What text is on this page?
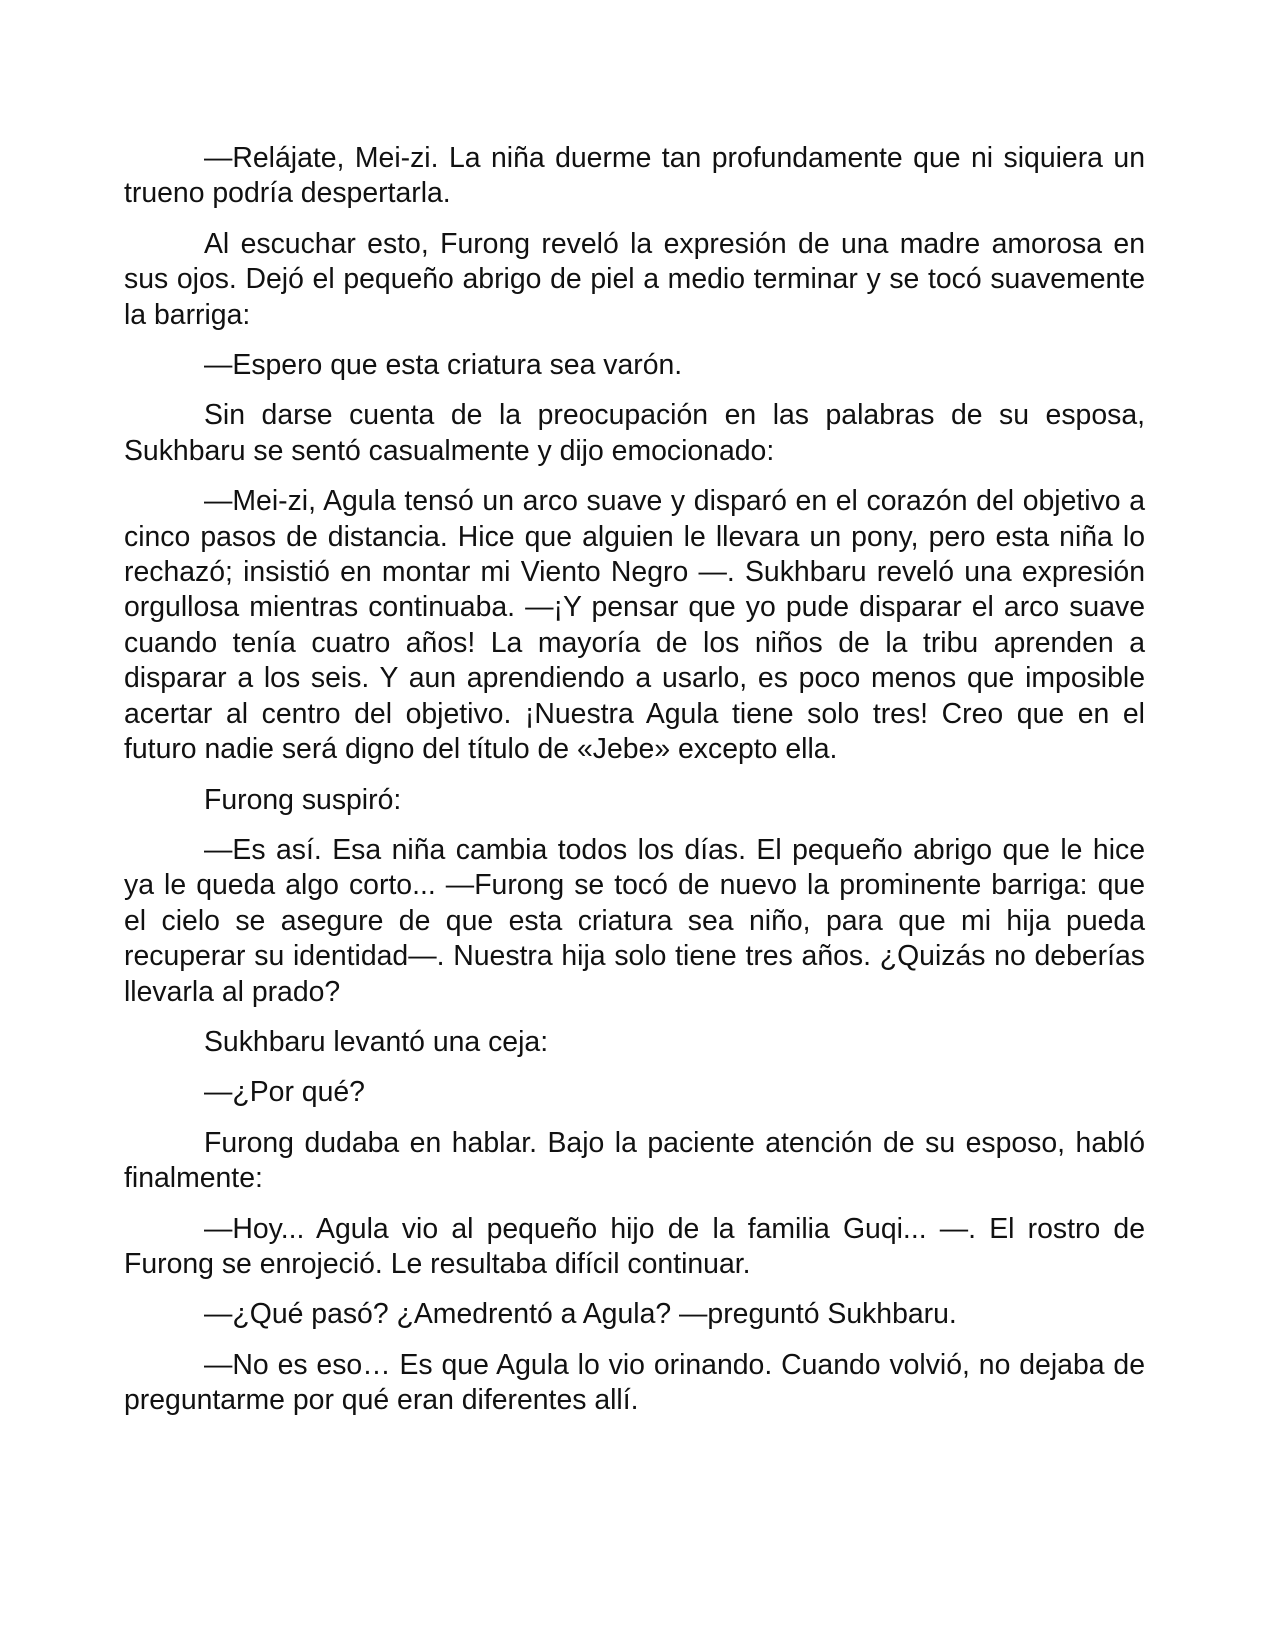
—Relájate, Mei-zi. La niña duerme tan profundamente que ni siquiera un trueno podría despertarla.

Al escuchar esto, Furong reveló la expresión de una madre amorosa en sus ojos. Dejó el pequeño abrigo de piel a medio terminar y se tocó suavemente la barriga:

—Espero que esta criatura sea varón.

Sin darse cuenta de la preocupación en las palabras de su esposa, Sukhbaru se sentó casualmente y dijo emocionado:

—Mei-zi, Agula tensó un arco suave y disparó en el corazón del objetivo a cinco pasos de distancia. Hice que alguien le llevara un pony, pero esta niña lo rechazó; insistió en montar mi Viento Negro —. Sukhbaru reveló una expresión orgullosa mientras continuaba. —¡Y pensar que yo pude disparar el arco suave cuando tenía cuatro años! La mayoría de los niños de la tribu aprenden a disparar a los seis. Y aun aprendiendo a usarlo, es poco menos que imposible acertar al centro del objetivo. ¡Nuestra Agula tiene solo tres! Creo que en el futuro nadie será digno del título de «Jebe» excepto ella.

Furong suspiró:

—Es así. Esa niña cambia todos los días. El pequeño abrigo que le hice ya le queda algo corto... —Furong se tocó de nuevo la prominente barriga: que el cielo se asegure de que esta criatura sea niño, para que mi hija pueda recuperar su identidad—. Nuestra hija solo tiene tres años. ¿Quizás no deberías llevarla al prado?

Sukhbaru levantó una ceja:

—¿Por qué?

Furong dudaba en hablar. Bajo la paciente atención de su esposo, habló finalmente:

—Hoy... Agula vio al pequeño hijo de la familia Guqi... —. El rostro de Furong se enrojeció. Le resultaba difícil continuar.

—¿Qué pasó? ¿Amedrentó a Agula? —preguntó Sukhbaru.

—No es eso… Es que Agula lo vio orinando. Cuando volvió, no dejaba de preguntarme por qué eran diferentes allí.
